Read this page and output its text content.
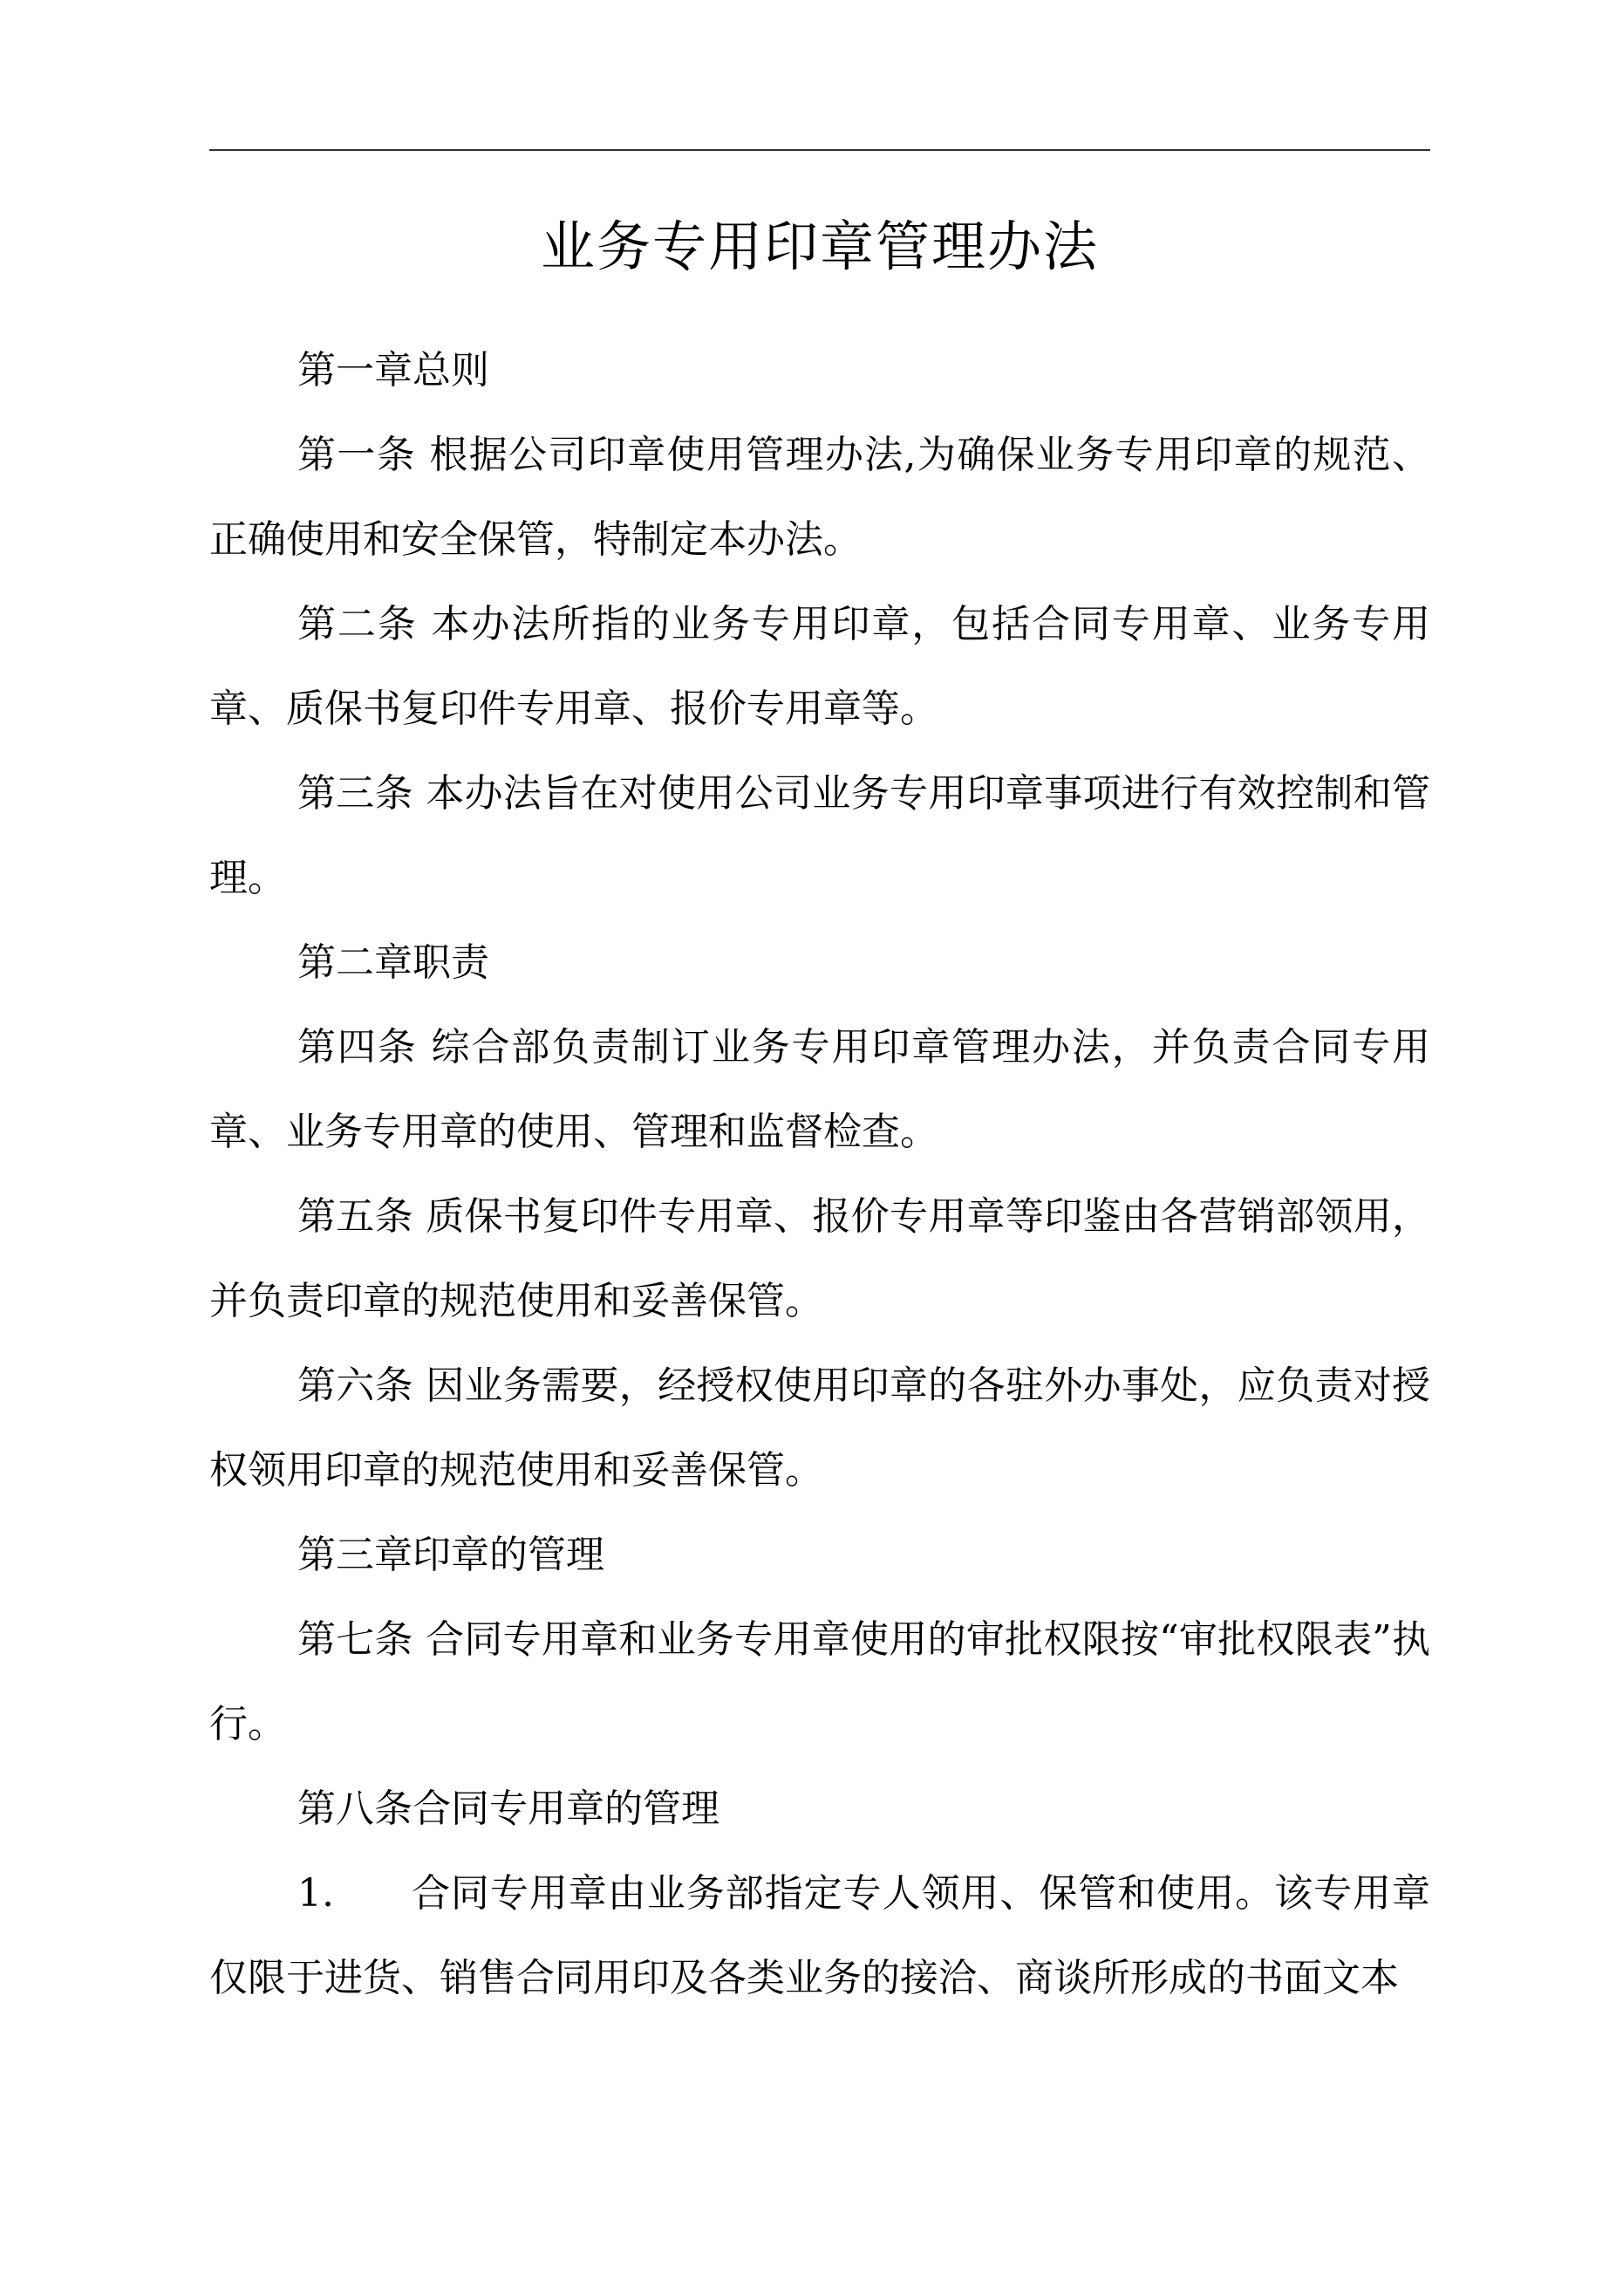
业务专用印章管理办法

第一章总则

第一条 根据公司印章使用管理办法,为确保业务专用印章的规范、正确使用和安全保管，特制定本办法。

第二条 本办法所指的业务专用印章，包括合同专用章、业务专用章、质保书复印件专用章、报价专用章等。

第三条 本办法旨在对使用公司业务专用印章事项进行有效控制和管理。

第二章职责

第四条 综合部负责制订业务专用印章管理办法，并负责合同专用章、业务专用章的使用、管理和监督检查。

第五条 质保书复印件专用章、报价专用章等印鉴由各营销部领用，并负责印章的规范使用和妥善保管。

第六条 因业务需要，经授权使用印章的各驻外办事处，应负责对授权领用印章的规范使用和妥善保管。

第三章印章的管理

第七条 合同专用章和业务专用章使用的审批权限按“审批权限表”执行。

第八条合同专用章的管理

1. 合同专用章由业务部指定专人领用、保管和使用。该专用章仅限于进货、销售合同用印及各类业务的接洽、商谈所形成的书面文本
